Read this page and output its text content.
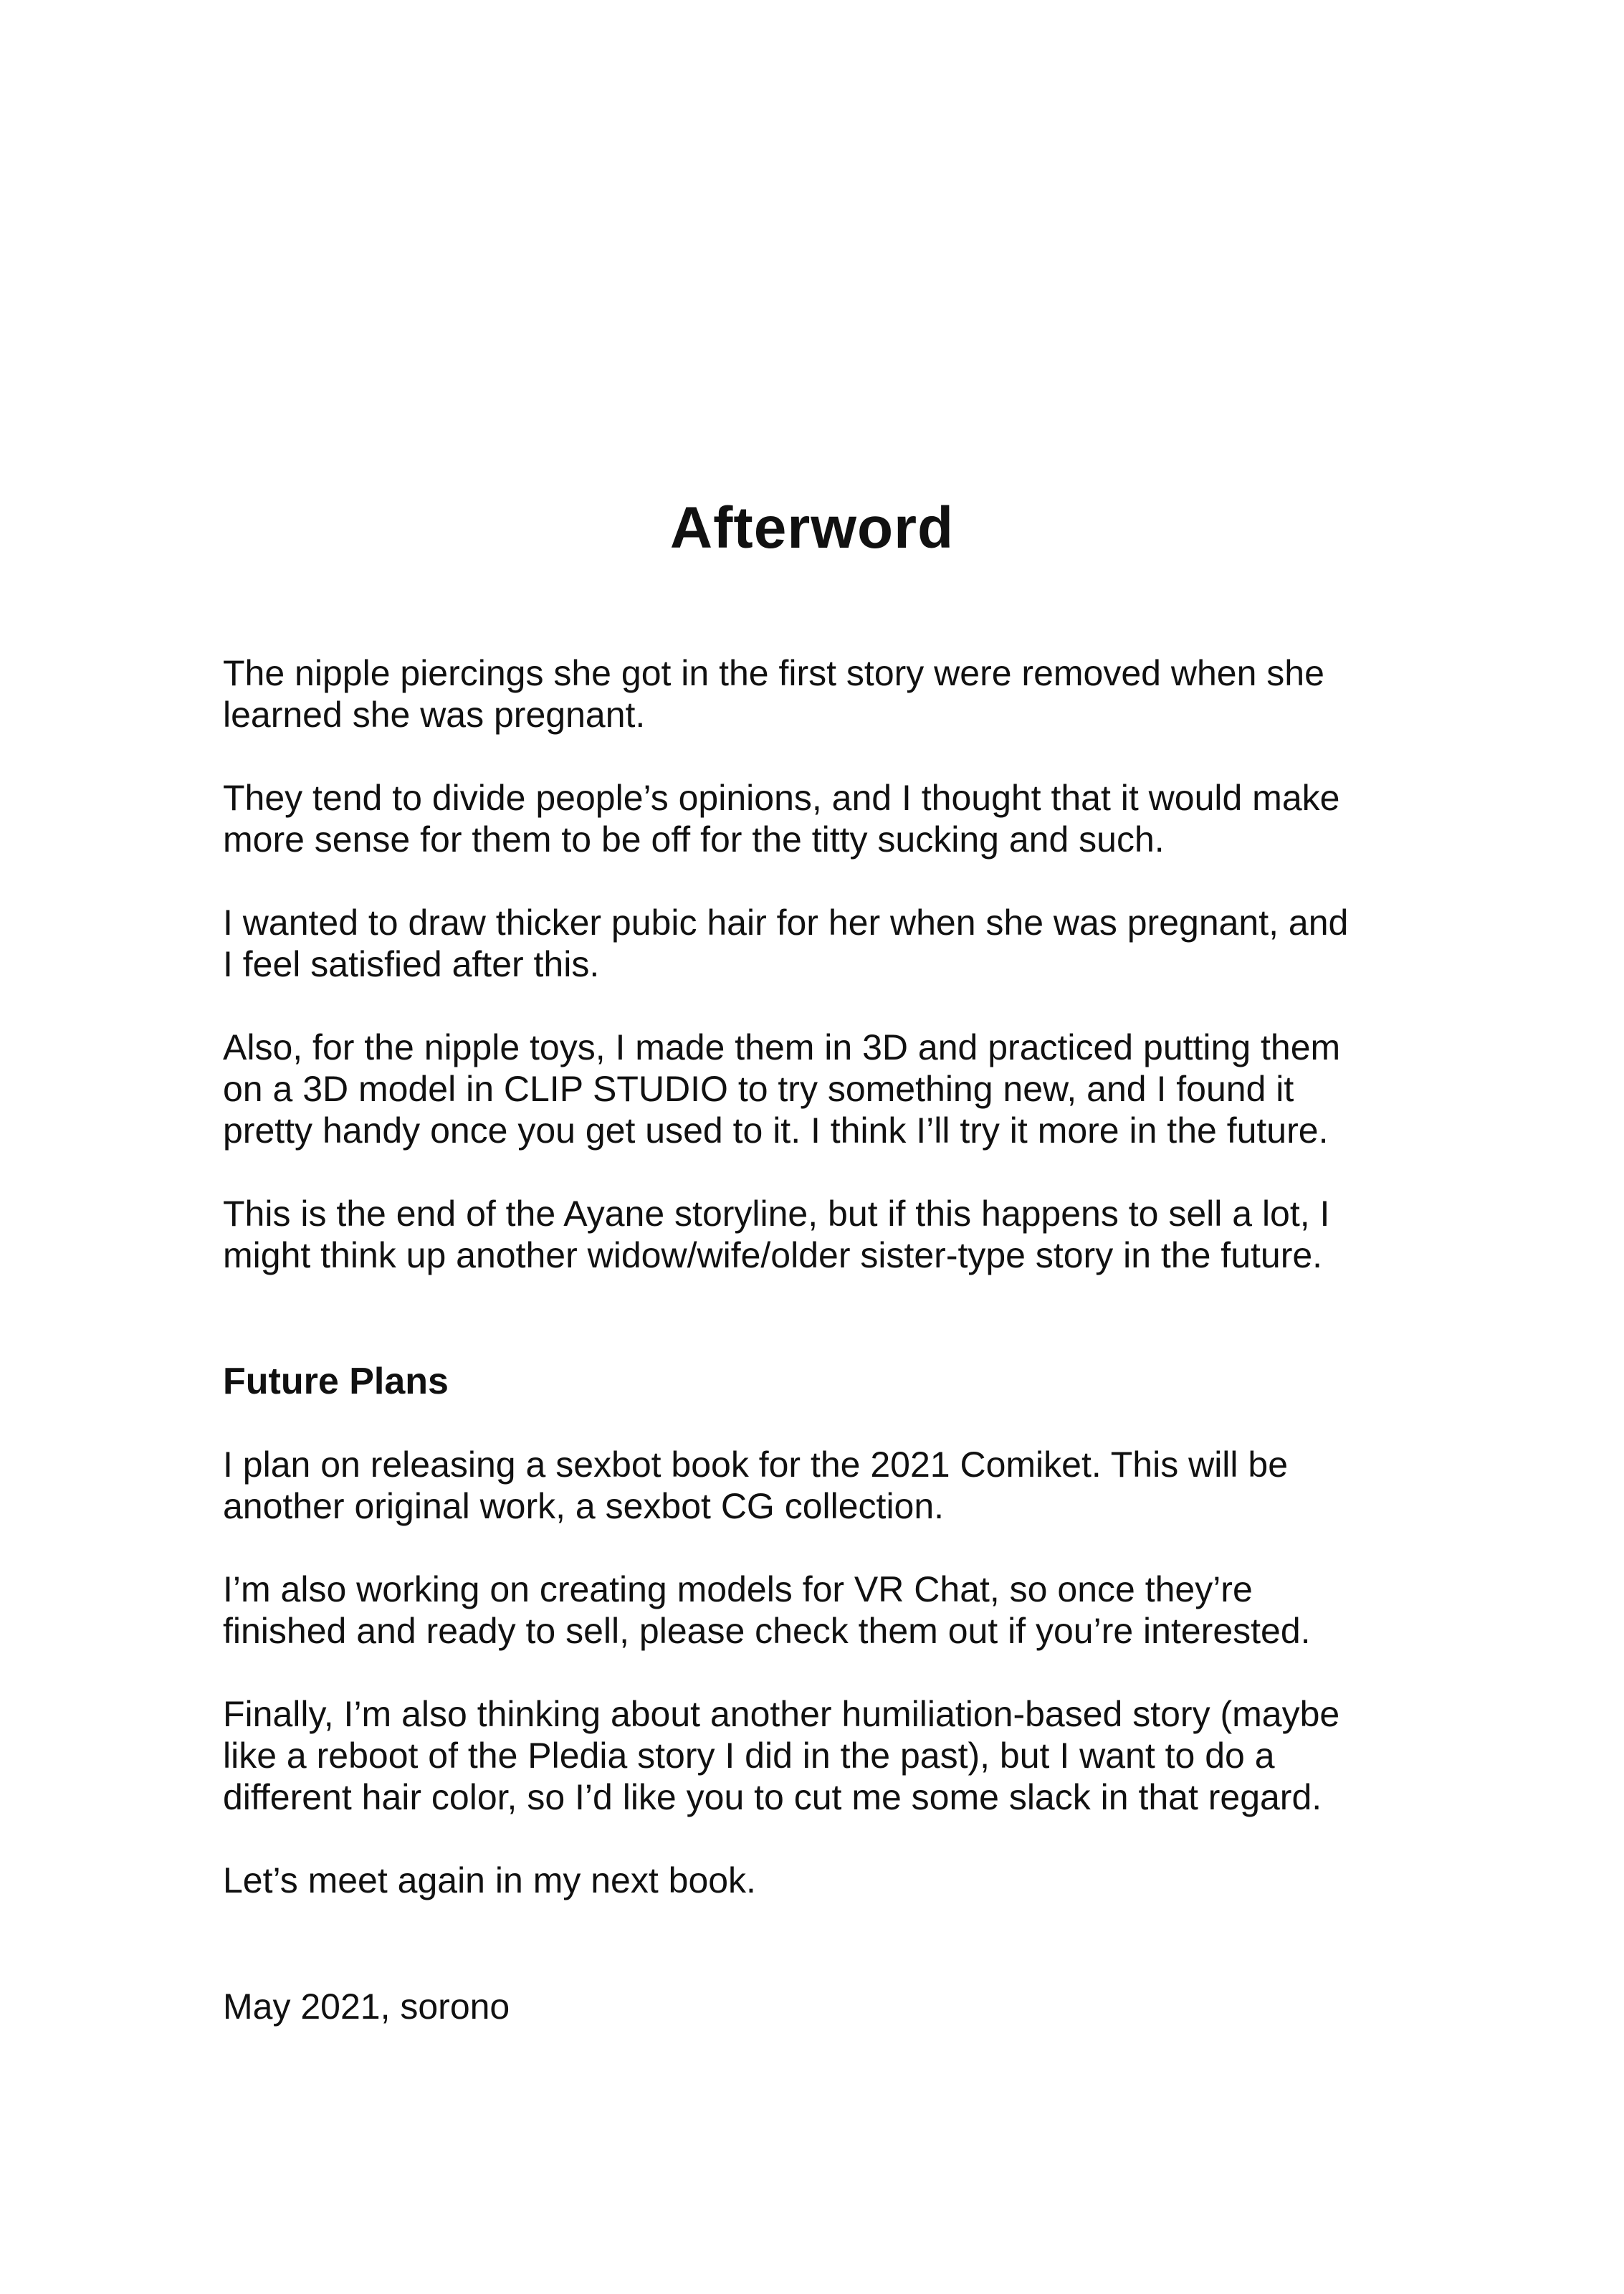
Afterword

The nipple piercings she got in the first story were removed when she
learned she was pregnant.

They tend to divide people’s opinions, and I thought that it would make
more sense for them to be off for the titty sucking and such.

I wanted to draw thicker pubic hair for her when she was pregnant, and
I feel satisfied after this.

Also, for the nipple toys, I made them in 3D and practiced putting them
on a 3D model in CLIP STUDIO to try something new, and I found it
pretty handy once you get used to it. I think I’ll try it more in the future.

This is the end of the Ayane storyline, but if this happens to sell a lot, I
might think up another widow/wife/older sister-type story in the future.

Future Plans

I plan on releasing a sexbot book for the 2021 Comiket. This will be
another original work, a sexbot CG collection.

I’m also working on creating models for VR Chat, so once they’re
finished and ready to sell, please check them out if you’re interested.

Finally, I’m also thinking about another humiliation-based story (maybe
like a reboot of the Pledia story I did in the past), but I want to do a
different hair color, so I’d like you to cut me some slack in that regard.

Let’s meet again in my next book.

May 2021, sorono
